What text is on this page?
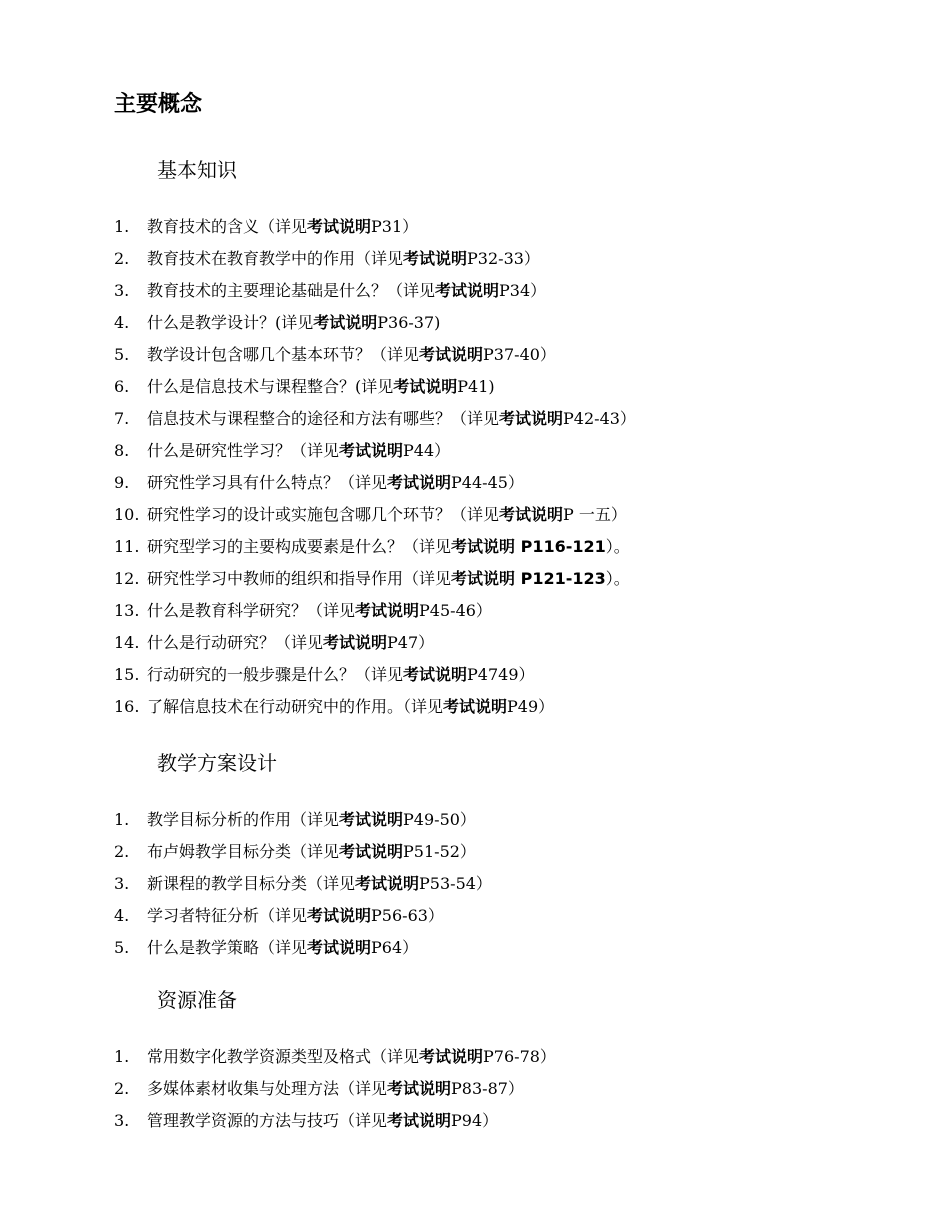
主要概念
基本知识
1. 教育技术的含义（详见考试说明P31）
2. 教育技术在教育教学中的作用（详见考试说明P32-33）
3. 教育技术的主要理论基础是什么？（详见考试说明P34）
4. 什么是教学设计？(详见考试说明P36-37)
5. 教学设计包含哪几个基本环节？（详见考试说明P37-40）
6. 什么是信息技术与课程整合？(详见考试说明P41)
7. 信息技术与课程整合的途径和方法有哪些？（详见考试说明P42-43）
8. 什么是研究性学习？（详见考试说明P44）
9. 研究性学习具有什么特点？（详见考试说明P44-45）
10. 研究性学习的设计或实施包含哪几个环节？（详见考试说明P 一五）
11. 研究型学习的主要构成要素是什么？（详见考试说明 P116-121）。
12. 研究性学习中教师的组织和指导作用（详见考试说明 P121-123）。
13. 什么是教育科学研究？（详见考试说明P45-46）
14. 什么是行动研究？（详见考试说明P47）
15. 行动研究的一般步骤是什么？（详见考试说明P4749）
16. 了解信息技术在行动研究中的作用。（详见考试说明P49）
教学方案设计
1. 教学目标分析的作用（详见考试说明P49-50）
2. 布卢姆教学目标分类（详见考试说明P51-52）
3. 新课程的教学目标分类（详见考试说明P53-54）
4. 学习者特征分析（详见考试说明P56-63）
5. 什么是教学策略（详见考试说明P64）
资源准备
1. 常用数字化教学资源类型及格式（详见考试说明P76-78）
2. 多媒体素材收集与处理方法（详见考试说明P83-87）
3. 管理教学资源的方法与技巧（详见考试说明P94）
